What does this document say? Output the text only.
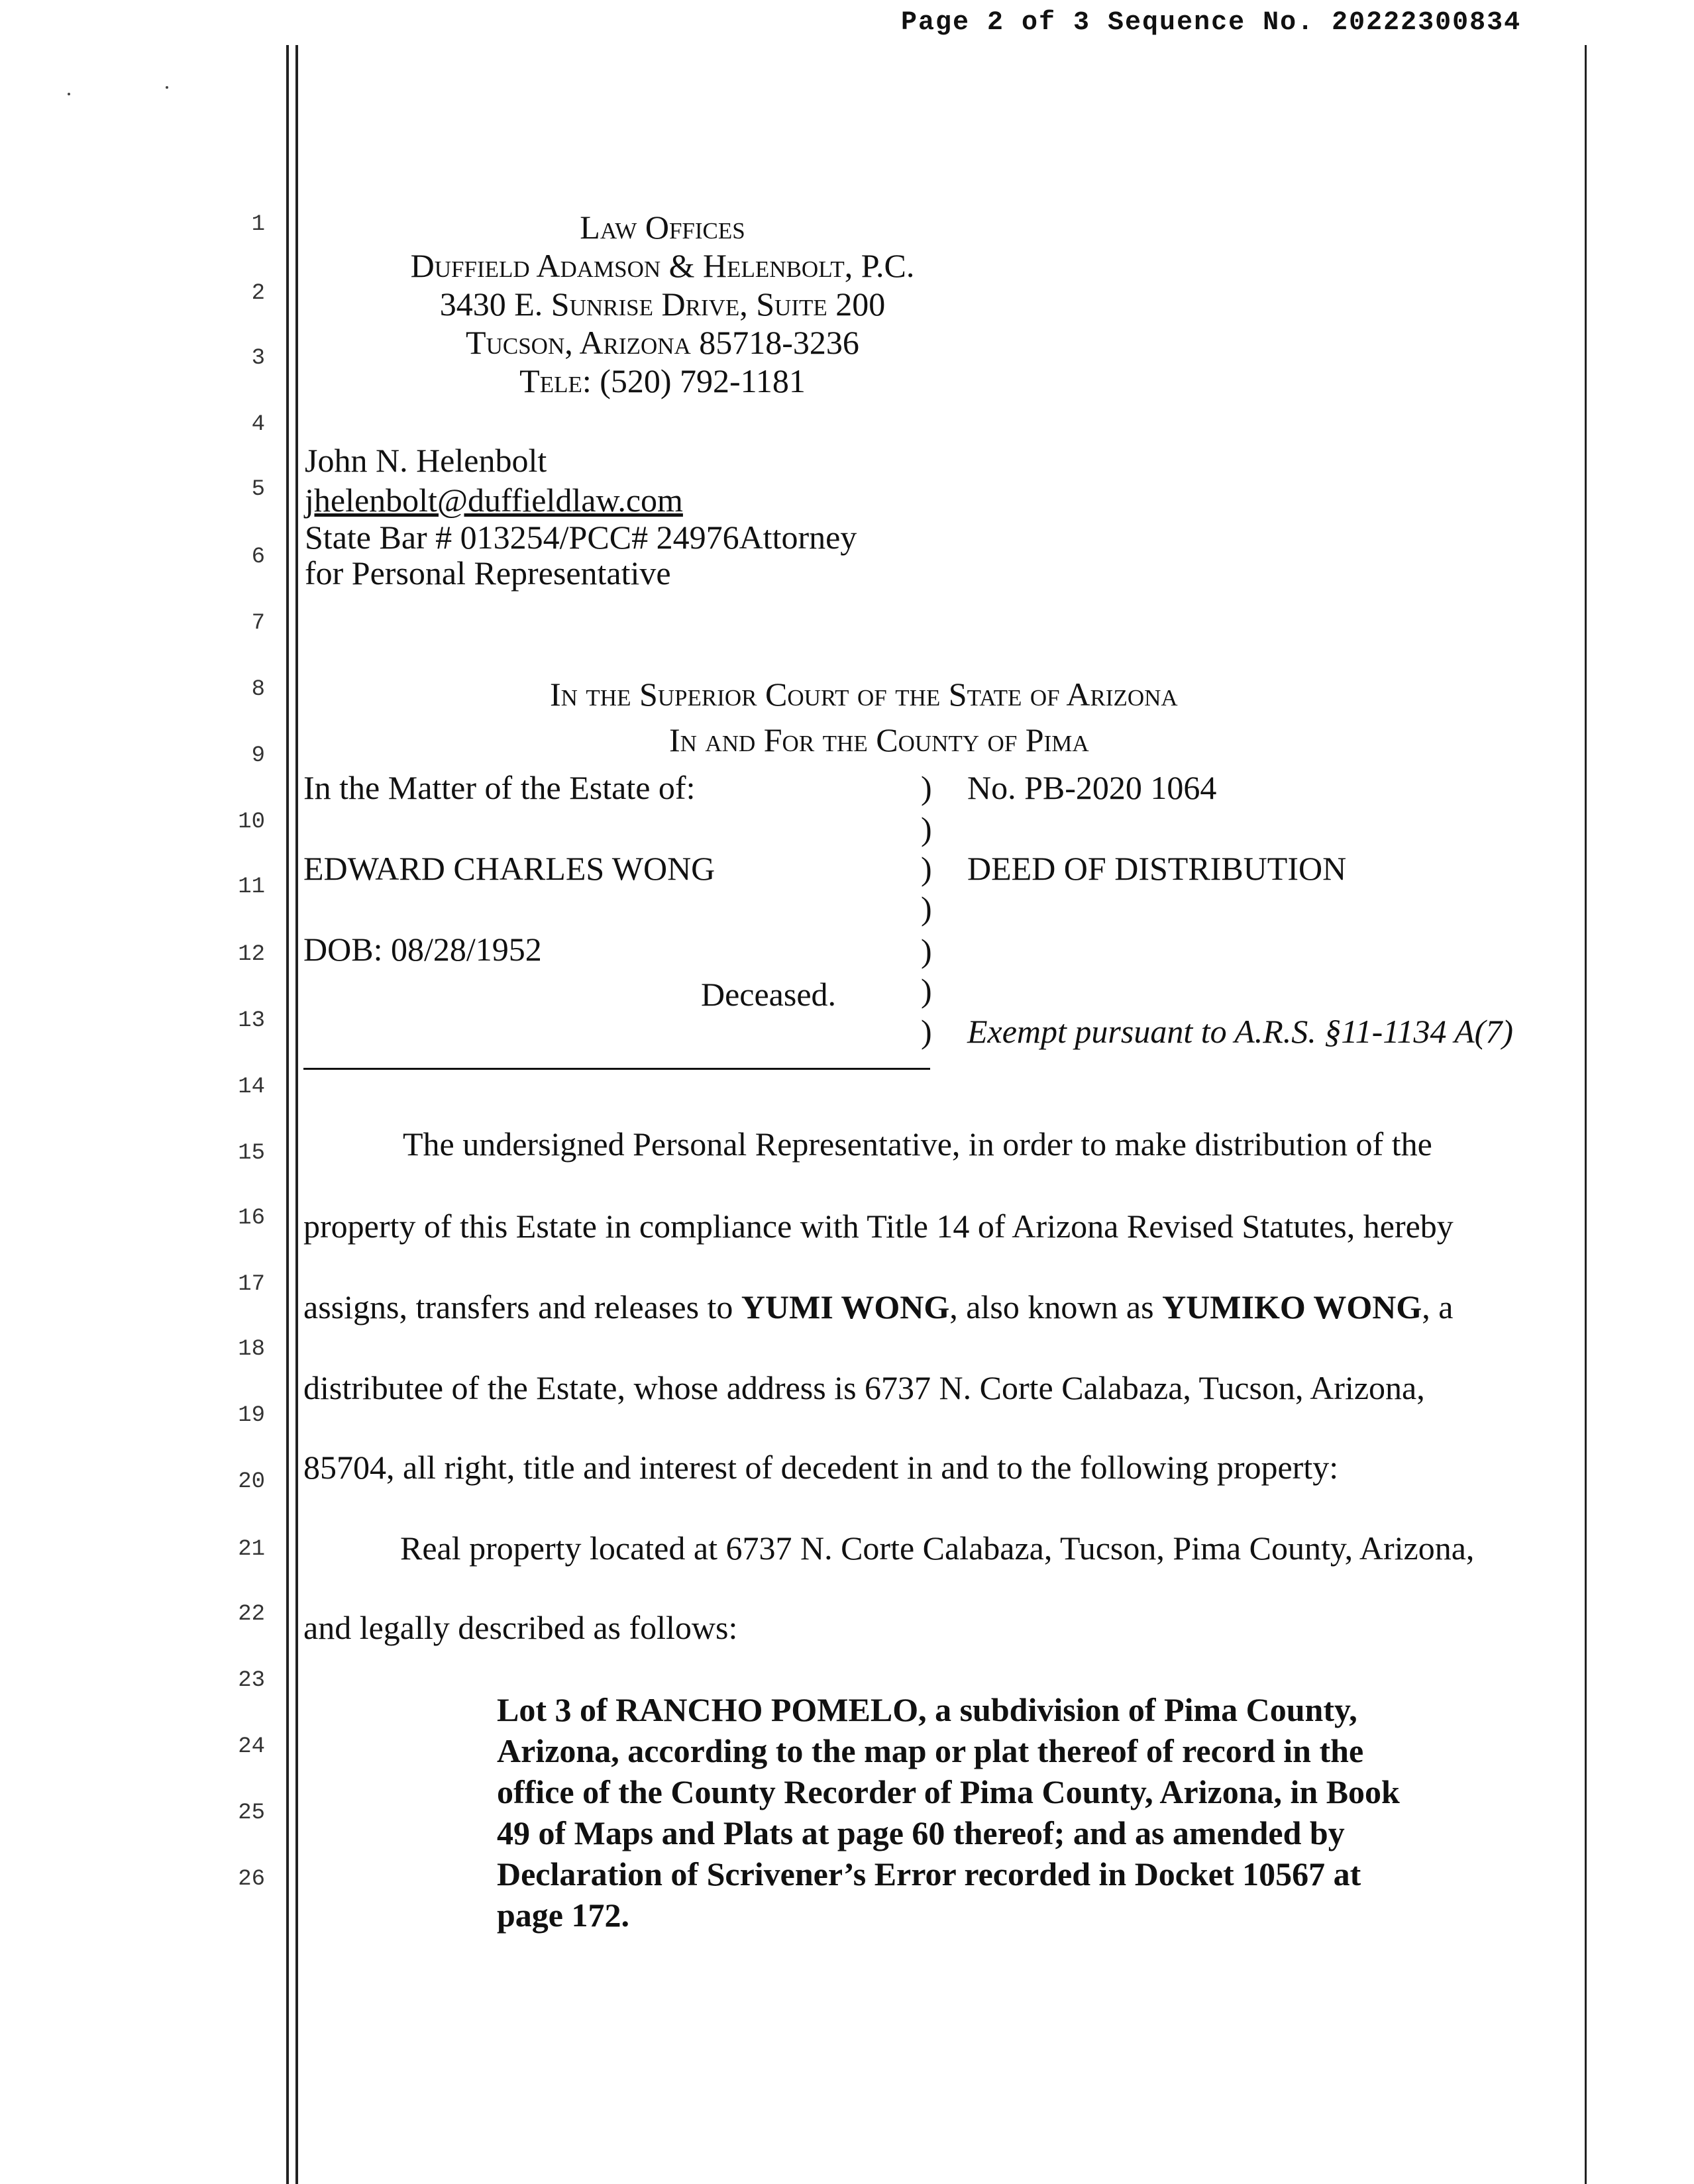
Page 2 of 3 Sequence No. 20222300834
1
2
3
4
5
6
7
8
9
10
11
12
13
14
15
16
17
18
19
20
21
22
23
24
25
26
Law Offices
Duffield Adamson & Helenbolt, P.C.
3430 E. Sunrise Drive, Suite 200
Tucson, Arizona 85718-3236
Tele: (520) 792-1181
John N. Helenbolt
jhelenbolt@duffieldlaw.com
State Bar # 013254/PCC# 24976Attorney
for Personal Representative
In the Superior Court of the State of Arizona
In and For the County of Pima
In the Matter of the Estate of:
EDWARD CHARLES WONG
DOB: 08/28/1952
Deceased.
)
)
)
)
)
)
)
No. PB-2020 1064
DEED OF DISTRIBUTION
Exempt pursuant to A.R.S. §11-1134 A(7)
The undersigned Personal Representative, in order to make distribution of the
property of this Estate in compliance with Title 14 of Arizona Revised Statutes, hereby
assigns, transfers and releases to YUMI WONG, also known as YUMIKO WONG, a
distributee of the Estate, whose address is 6737 N. Corte Calabaza, Tucson, Arizona,
85704, all right, title and interest of decedent in and to the following property:
Real property located at 6737 N. Corte Calabaza, Tucson, Pima County, Arizona,
and legally described as follows:
Lot 3 of RANCHO POMELO, a subdivision of Pima County,
Arizona, according to the map or plat thereof of record in the
office of the County Recorder of Pima County, Arizona, in Book
49 of Maps and Plats at page 60 thereof; and as amended by
Declaration of Scrivener’s Error recorded in Docket 10567 at
page 172.
